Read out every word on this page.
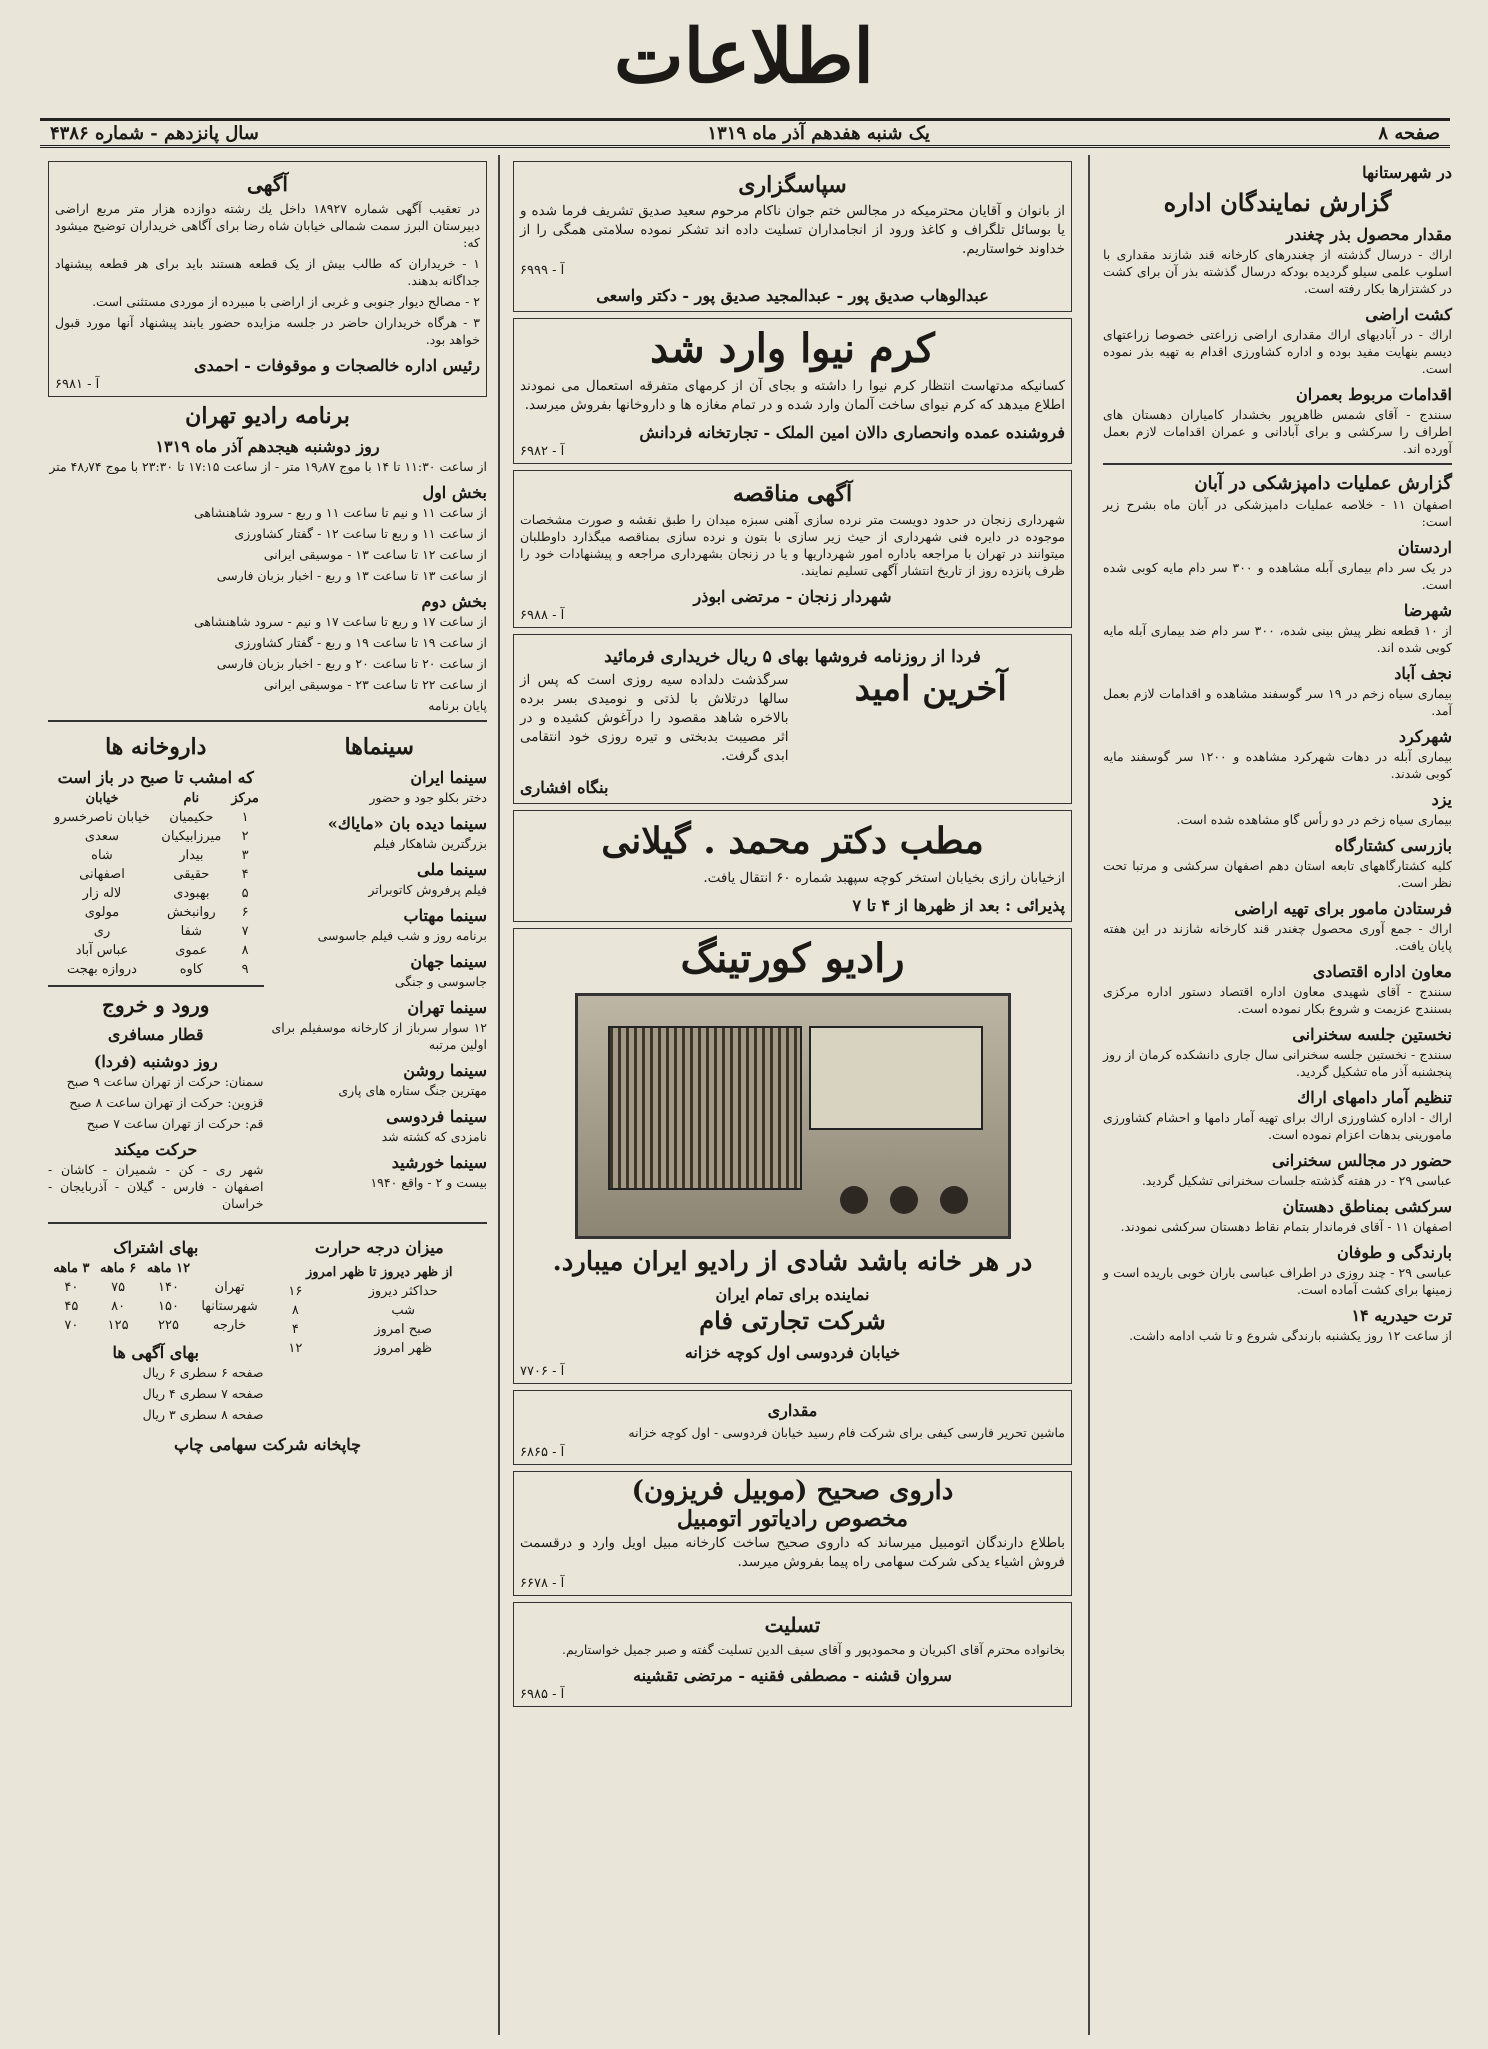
اطلاعات
صفحه ۸
یک شنبه هفدهم آذر ماه ۱۳۱۹
سال پانزدهم - شماره ۴۳۸۶
در شهرستانها
گزارش نمایندگان اداره
مقدار محصول بذر چغندر

اراك - درسال گذشته از چغندرهای کارخانه قند شازند مقداری با اسلوب علمی سیلو گردیده بودکه درسال گذشته بذر آن برای کشت در کشتزارها بکار رفته است.

کشت اراضی

اراك - در آبادیهای اراك مقداری اراضی زراعتی خصوصا زراعتهای دیسم بنهایت مفید بوده و اداره کشاورزی اقدام به تهیه بذر نموده است.

اقدامات مربوط بعمران

سنندج - آقای شمس ظاهرپور بخشدار کامیاران دهستان های اطراف را سرکشی و برای آبادانی و عمران اقدامات لازم بعمل آورده اند.

گزارش عملیات دامپزشکی در آبان

اصفهان ۱۱ - خلاصه عملیات دامپزشکی در آبان ماه بشرح زیر است:

اردستان

در یک سر دام بیماری آبله مشاهده و ۳۰۰ سر دام مایه کوبی شده است.

شهرضا

از ۱۰ قطعه نظر پیش بینی شده، ۳۰۰ سر دام ضد بیماری آبله مایه کوبی شده اند.

نجف آباد

بیماری سیاه زخم در ۱۹ سر گوسفند مشاهده و اقدامات لازم بعمل آمد.

شهرکرد

بیماری آبله در دهات شهرکرد مشاهده و ۱۲۰۰ سر گوسفند مایه کوبی شدند.

یزد

بیماری سیاه زخم در دو رأس گاو مشاهده شده است.

بازرسی کشتارگاه

کلیه کشتارگاههای تابعه استان دهم اصفهان سرکشی و مرتبا تحت نظر است.

فرستادن مامور برای تهیه اراضی

اراك - جمع آوری محصول چغندر قند کارخانه شازند در این هفته پایان یافت.

معاون اداره اقتصادی

سنندج - آقای شهیدی معاون اداره اقتصاد دستور اداره مرکزی بسنندج عزیمت و شروع بکار نموده است.

نخستین جلسه سخنرانی

سنندج - نخستین جلسه سخنرانی سال جاری دانشکده کرمان از روز پنجشنبه آذر ماه تشکیل گردید.

تنظیم آمار دامهای اراك

اراك - اداره کشاورزی اراك برای تهیه آمار دامها و احشام کشاورزی مامورینی بدهات اعزام نموده است.

حضور در مجالس سخنرانی

عباسی ۲۹ - در هفته گذشته جلسات سخنرانی تشکیل گردید.

سرکشی بمناطق دهستان

اصفهان ۱۱ - آقای فرماندار بتمام نقاط دهستان سرکشی نمودند.

بارندگی و طوفان

عباسی ۲۹ - چند روزی در اطراف عباسی باران خوبی باریده است و زمینها برای کشت آماده است.

ترت حیدریه ۱۴

از ساعت ۱۲ روز یکشنبه بارندگی شروع و تا شب ادامه داشت.

سپاسگزاری

از بانوان و آقایان محترمیکه در مجالس ختم جوان ناکام مرحوم سعید صدیق تشریف فرما شده و یا بوسائل تلگراف و کاغذ ورود از انجامداران تسلیت داده اند تشکر نموده سلامتی همگی را از خداوند خواستاریم.

آ - ۶۹۹۹
عبدالوهاب صدیق پور - عبدالمجید صدیق پور - دکتر واسعی
کرم نیوا وارد شد

کسانیکه مدتهاست انتظار کرم نیوا را داشته و بجای آن از کرمهای متفرقه استعمال می نمودند اطلاع میدهد که کرم نیوای ساخت آلمان وارد شده و در تمام مغازه ها و داروخانها بفروش میرسد.

فروشنده عمده وانحصاری دالان امین الملک - تجارتخانه فردانش
آ - ۶۹۸۲
آگهی مناقصه

شهرداری زنجان در حدود دویست متر نرده سازی آهنی سبزه میدان را طبق نقشه و صورت مشخصات موجوده در دایره فنی شهرداری از حیث زیر سازی با بتون و نرده سازی بمناقصه میگذارد داوطلبان میتوانند در تهران با مراجعه باداره امور شهرداریها و یا در زنجان بشهرداری مراجعه و پیشنهادات خود را ظرف پانزده روز از تاریخ انتشار آگهی تسلیم نمایند.

شهردار زنجان - مرتضی ابوذر
آ - ۶۹۸۸
فردا از روزنامه فروشها بهای ۵ ریال خریداری فرمائید
آخرین امید

سرگذشت دلداده سیه روزی است که پس از سالها درتلاش با لذتی و نومیدی بسر برده بالاخره شاهد مقصود را درآغوش کشیده و در اثر مصیبت بدبختی و تیره روزی خود انتقامی ابدی گرفت.

بنگاه افشاری
مطب دکتر محمد . گیلانی

ازخیابان رازی بخیابان استخر کوچه سپهبد شماره ۶۰ انتقال یافت.

پذیرائی : بعد از ظهرها از ۴ تا ۷
رادیو کورتینگ
در هر خانه باشد شادی از رادیو ایران میبارد.
نماینده برای تمام ایران
شرکت تجارتی فام
خیابان فردوسی اول کوچه خزانه
آ - ۷۷۰۶
مقداری

ماشین تحریر فارسی کیفی برای شرکت فام رسید خیابان فردوسی - اول کوچه خزانه

آ - ۶۸۶۵
داروی صحیح (موبیل فریزون)
مخصوص رادیاتور اتومبیل

باطلاع دارندگان اتومبیل میرساند که داروی صحیح ساخت کارخانه مبیل اویل وارد و درقسمت فروش اشیاء یدکی شرکت سهامی راه پیما بفروش میرسد.

آ - ۶۶۷۸
تسلیت

بخانواده محترم آقای اکبریان و محمودپور و آقای سیف الدین تسلیت گفته و صبر جمیل خواستاریم.

سروان قشنه - مصطفی فقنیه - مرتضی تقشینه
آ - ۶۹۸۵
آگهی

در تعقیب آگهی شماره ۱۸۹۲۷ داخل یك رشته دوازده هزار متر مربع اراضی دبیرستان البرز سمت شمالی خیابان شاه رضا برای آگاهی خریداران توضیح میشود که:

۱ - خریداران که طالب بیش از یک قطعه هستند باید برای هر قطعه پیشنهاد جداگانه بدهند.

۲ - مصالح دیوار جنوبی و غربی از اراضی با مبیرده از موردی مستثنی است.

۳ - هرگاه خریداران حاضر در جلسه مزایده حضور یابند پیشنهاد آنها مورد قبول خواهد بود.

رئیس اداره خالصجات و موقوفات - احمدی
آ - ۶۹۸۱
برنامه رادیو تهران
روز دوشنبه هیجدهم آذر ماه ۱۳۱۹

از ساعت ۱۱:۳۰ تا ۱۴ با موج ۱۹٫۸۷ متر - از ساعت ۱۷:۱۵ تا ۲۳:۳۰ با موج ۴۸٫۷۴ متر

بخش اول

از ساعت ۱۱ و نیم تا ساعت ۱۱ و ربع - سرود شاهنشاهی

از ساعت ۱۱ و ربع تا ساعت ۱۲ - گفتار کشاورزی

از ساعت ۱۲ تا ساعت ۱۳ - موسیقی ایرانی

از ساعت ۱۳ تا ساعت ۱۳ و ربع - اخبار بزبان فارسی

بخش دوم

از ساعت ۱۷ و ربع تا ساعت ۱۷ و نیم - سرود شاهنشاهی

از ساعت ۱۹ تا ساعت ۱۹ و ربع - گفتار کشاورزی

از ساعت ۲۰ تا ساعت ۲۰ و ربع - اخبار بزبان فارسی

از ساعت ۲۲ تا ساعت ۲۳ - موسیقی ایرانی

پایان برنامه

سینماها
سینما ایران

دختر بکلو جود و حضور

سینما دیده بان «مایاك»

بزرگترین شاهکار فیلم

سینما ملی

فیلم پرفروش کاتوبراتر

سینما مهتاب

برنامه روز و شب فیلم جاسوسی

سینما جهان

جاسوسی و جنگی

سینما تهران

۱۲ سوار سرباز از کارخانه موسفیلم برای اولین مرتبه

سینما روشن

مهترین جنگ ستاره های پاری

سینما فردوسی

نامزدی که کشته شد

سینما خورشید

بیست و ۲ - واقع ۱۹۴۰

داروخانه ها
که امشب تا صبح در باز است
مرکز	نام	خیابان
۱	حکیمیان	خیابان ناصرخسرو
۲	میرزابیکیان	سعدی
۳	بیدار	شاه
۴	حقیقی	اصفهانی
۵	بهبودی	لاله زار
۶	روانبخش	مولوی
۷	شفا	ری
۸	عموی	عباس آباد
۹	کاوه	دروازه بهجت
ورود و خروج
قطار مسافری
روز دوشنبه (فردا)

سمنان: حرکت از تهران ساعت ۹ صبح

قزوین: حرکت از تهران ساعت ۸ صبح

قم: حرکت از تهران ساعت ۷ صبح

حرکت میکند

شهر ری - کن - شمیران - کاشان - اصفهان - فارس - گیلان - آذربایجان - خراسان

میزان درجه حرارت
از ظهر دیروز تا ظهر امروز
حداکثر دیروز	۱۶
شب	۸
صبح امروز	۴
ظهر امروز	۱۲
بهای اشتراک
	۱۲ ماهه	۶ ماهه	۳ ماهه
تهران	۱۴۰	۷۵	۴۰
شهرستانها	۱۵۰	۸۰	۴۵
خارجه	۲۲۵	۱۲۵	۷۰
بهای آگهی ها

صفحه ۶ سطری ۶ ریال

صفحه ۷ سطری ۴ ریال

صفحه ۸ سطری ۳ ریال

چاپخانه شرکت سهامی چاپ
